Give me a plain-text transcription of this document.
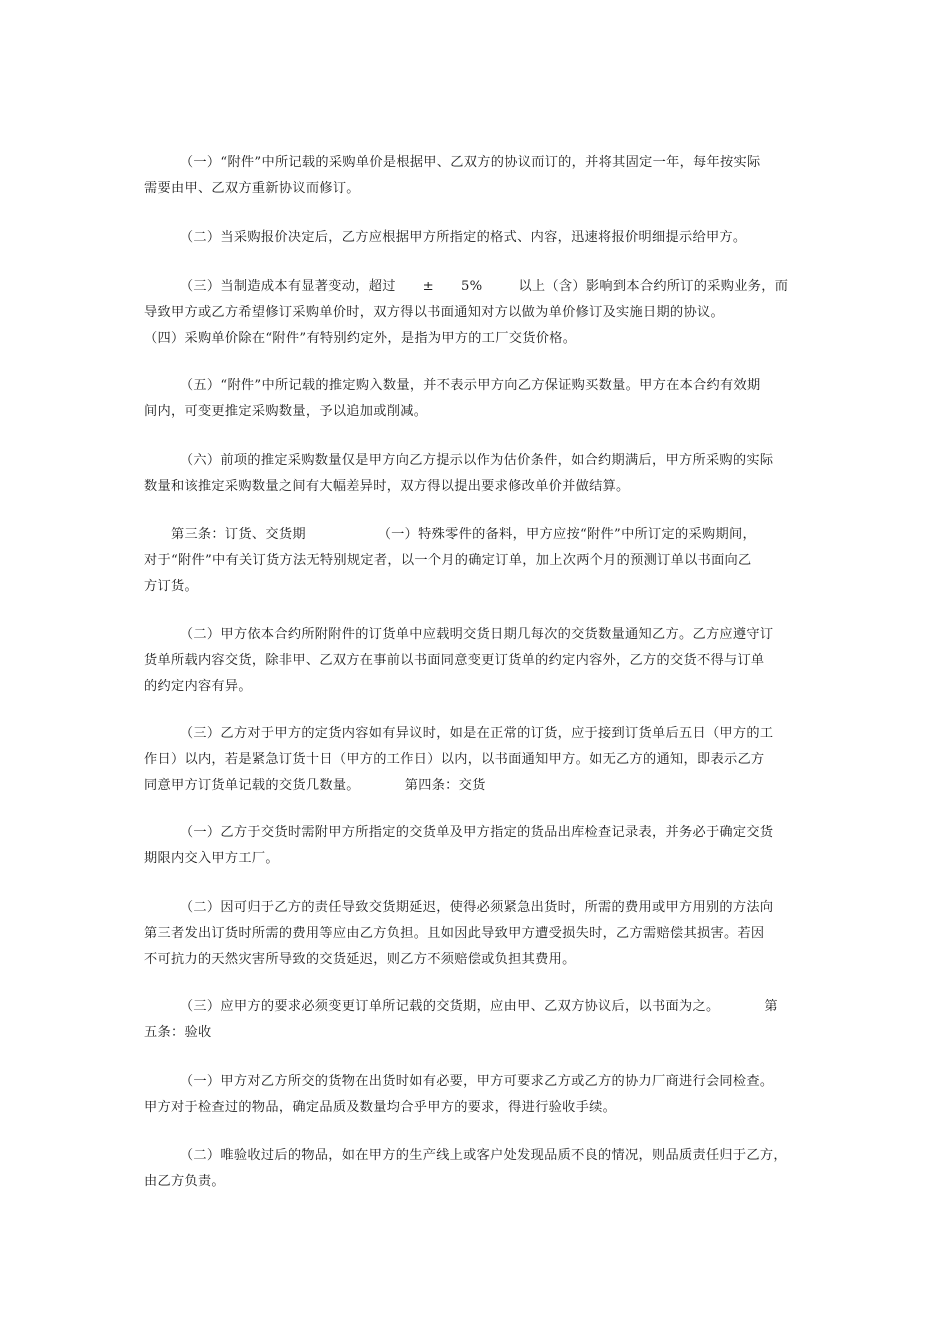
（一）“附件”中所记载的采购单价是根据甲、乙双方的协议而订的，并将其固定一年，每年按实际
需要由甲、乙双方重新协议而修订。
（二）当采购报价决定后，乙方应根据甲方所指定的格式、内容，迅速将报价明细提示给甲方。
（三）当制造成本有显著变动，超过      ±      5%        以上（含）影响到本合约所订的采购业务，而
导致甲方或乙方希望修订采购单价时，双方得以书面通知对方以做为单价修订及实施日期的协议。
（四）采购单价除在“附件”有特别约定外，是指为甲方的工厂交货价格。
（五）“附件”中所记载的推定购入数量，并不表示甲方向乙方保证购买数量。甲方在本合约有效期
间内，可变更推定采购数量，予以追加或削减。
（六）前项的推定采购数量仅是甲方向乙方提示以作为估价条件，如合约期满后，甲方所采购的实际
数量和该推定采购数量之间有大幅差异时，双方得以提出要求修改单价并做结算。
第三条：订货、交货期                （一）特殊零件的备料，甲方应按“附件”中所订定的采购期间，
对于“附件”中有关订货方法无特别规定者，以一个月的确定订单，加上次两个月的预测订单以书面向乙
方订货。
（二）甲方依本合约所附附件的订货单中应载明交货日期几每次的交货数量通知乙方。乙方应遵守订
货单所载内容交货，除非甲、乙双方在事前以书面同意变更订货单的约定内容外，乙方的交货不得与订单
的约定内容有异。
（三）乙方对于甲方的定货内容如有异议时，如是在正常的订货，应于接到订货单后五日（甲方的工
作日）以内，若是紧急订货十日（甲方的工作日）以内，以书面通知甲方。如无乙方的通知，即表示乙方
同意甲方订货单记载的交货几数量。          第四条：交货
（一）乙方于交货时需附甲方所指定的交货单及甲方指定的货品出库检查记录表，并务必于确定交货
期限内交入甲方工厂。
（二）因可归于乙方的责任导致交货期延迟，使得必须紧急出货时，所需的费用或甲方用别的方法向
第三者发出订货时所需的费用等应由乙方负担。且如因此导致甲方遭受损失时，乙方需赔偿其损害。若因
不可抗力的天然灾害所导致的交货延迟，则乙方不须赔偿或负担其费用。
（三）应甲方的要求必须变更订单所记载的交货期，应由甲、乙双方协议后，以书面为之。          第
五条：验收
（一）甲方对乙方所交的货物在出货时如有必要，甲方可要求乙方或乙方的协力厂商进行会同检查。
甲方对于检查过的物品，确定品质及数量均合乎甲方的要求，得进行验收手续。
（二）唯验收过后的物品，如在甲方的生产线上或客户处发现品质不良的情况，则品质责任归于乙方，
由乙方负责。
